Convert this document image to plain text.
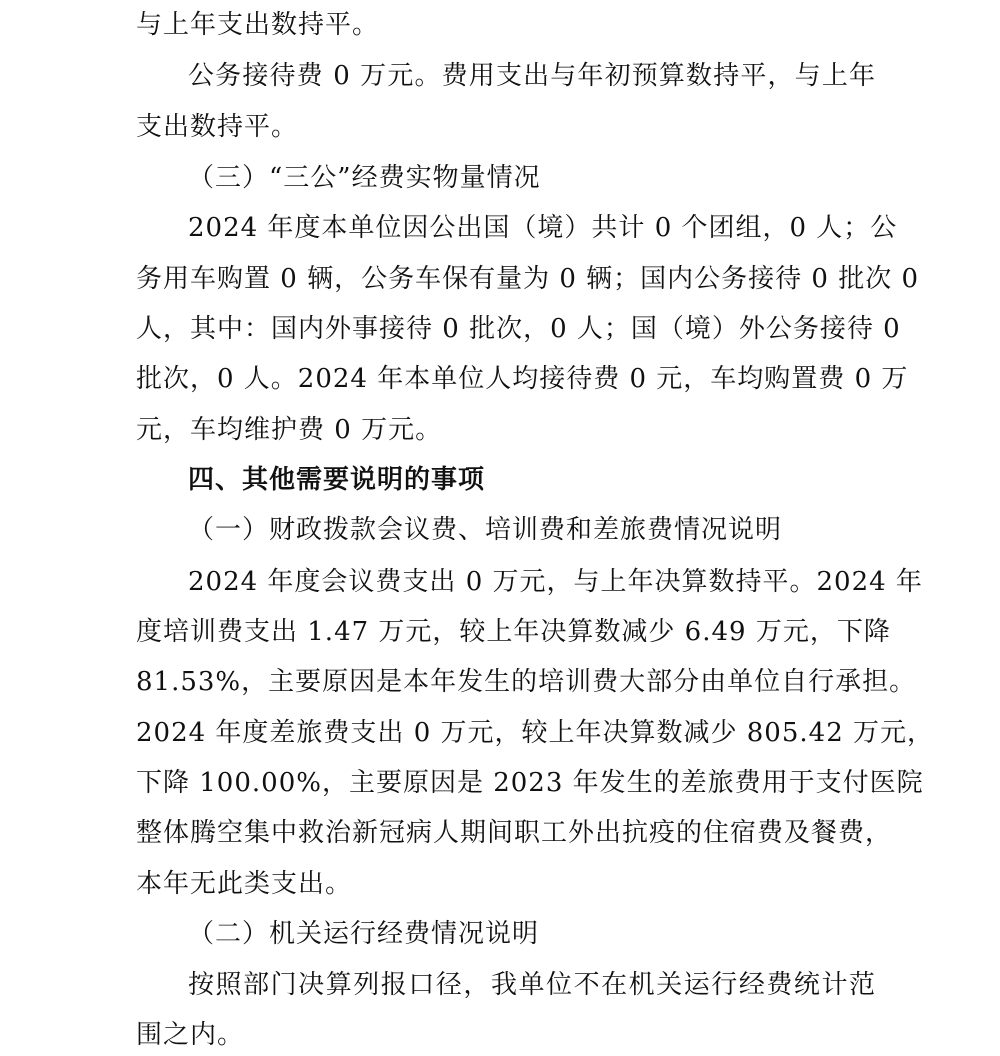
与上年支出数持平。
公务接待费 0 万元。费用支出与年初预算数持平，与上年
支出数持平。
（三）“三公”经费实物量情况
2024 年度本单位因公出国（境）共计 0 个团组，0 人；公
务用车购置 0 辆，公务车保有量为 0 辆；国内公务接待 0 批次 0
人，其中：国内外事接待 0 批次，0 人；国（境）外公务接待 0
批次，0 人。2024 年本单位人均接待费 0 元，车均购置费 0 万
元，车均维护费 0 万元。
四、其他需要说明的事项
（一）财政拨款会议费、培训费和差旅费情况说明
2024 年度会议费支出 0 万元，与上年决算数持平。2024 年
度培训费支出 1.47 万元，较上年决算数减少 6.49 万元，下降
81.53%，主要原因是本年发生的培训费大部分由单位自行承担。
2024 年度差旅费支出 0 万元，较上年决算数减少 805.42 万元，
下降 100.00%，主要原因是 2023 年发生的差旅费用于支付医院
整体腾空集中救治新冠病人期间职工外出抗疫的住宿费及餐费，
本年无此类支出。
（二）机关运行经费情况说明
按照部门决算列报口径，我单位不在机关运行经费统计范
围之内。
